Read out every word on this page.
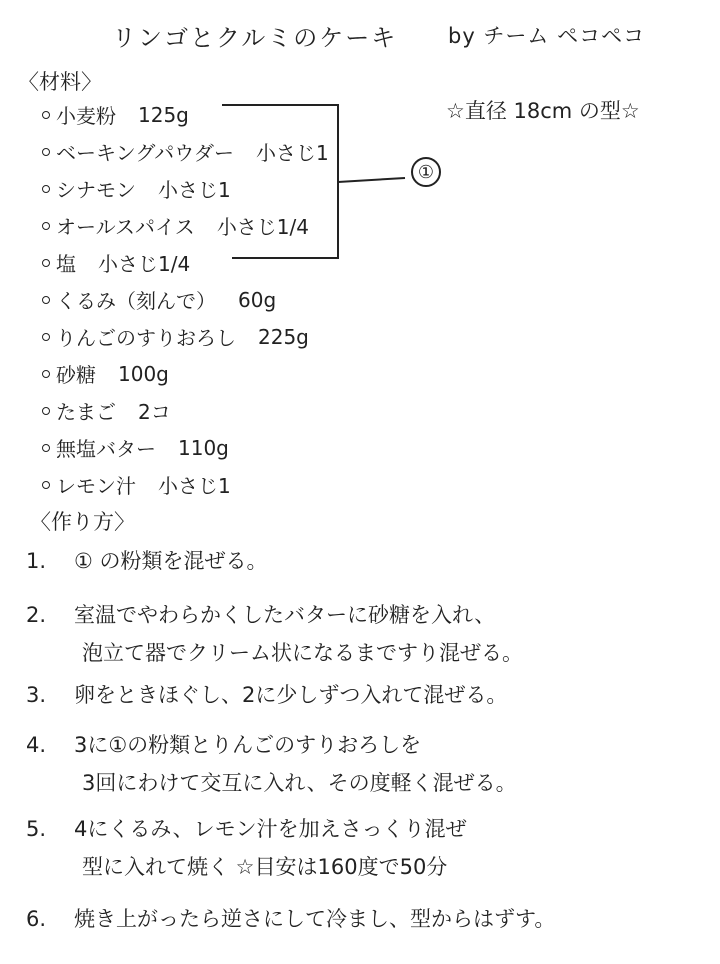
リンゴとクルミのケーキ by チーム ペコペコ
〈材料〉
☆直径 18cm の型☆
小麦粉 125g
ベーキングパウダー 小さじ1
シナモン 小さじ1
オールスパイス 小さじ1/4
塩 小さじ1/4
くるみ（刻んで） 60g
りんごのすりおろし 225g
砂糖 100g
たまご 2コ
無塩バター 110g
レモン汁 小さじ1
①
〈作り方〉
1. ① の粉類を混ぜる。
2. 室温でやわらかくしたバターに砂糖を入れ、
泡立て器でクリーム状になるまですり混ぜる。
3. 卵をときほぐし、2に少しずつ入れて混ぜる。
4. 3に①の粉類とりんごのすりおろしを
3回にわけて交互に入れ、その度軽く混ぜる。
5. 4にくるみ、レモン汁を加えさっくり混ぜ
型に入れて焼く ☆目安は160度で50分
6. 焼き上がったら逆さにして冷まし、型からはずす。
